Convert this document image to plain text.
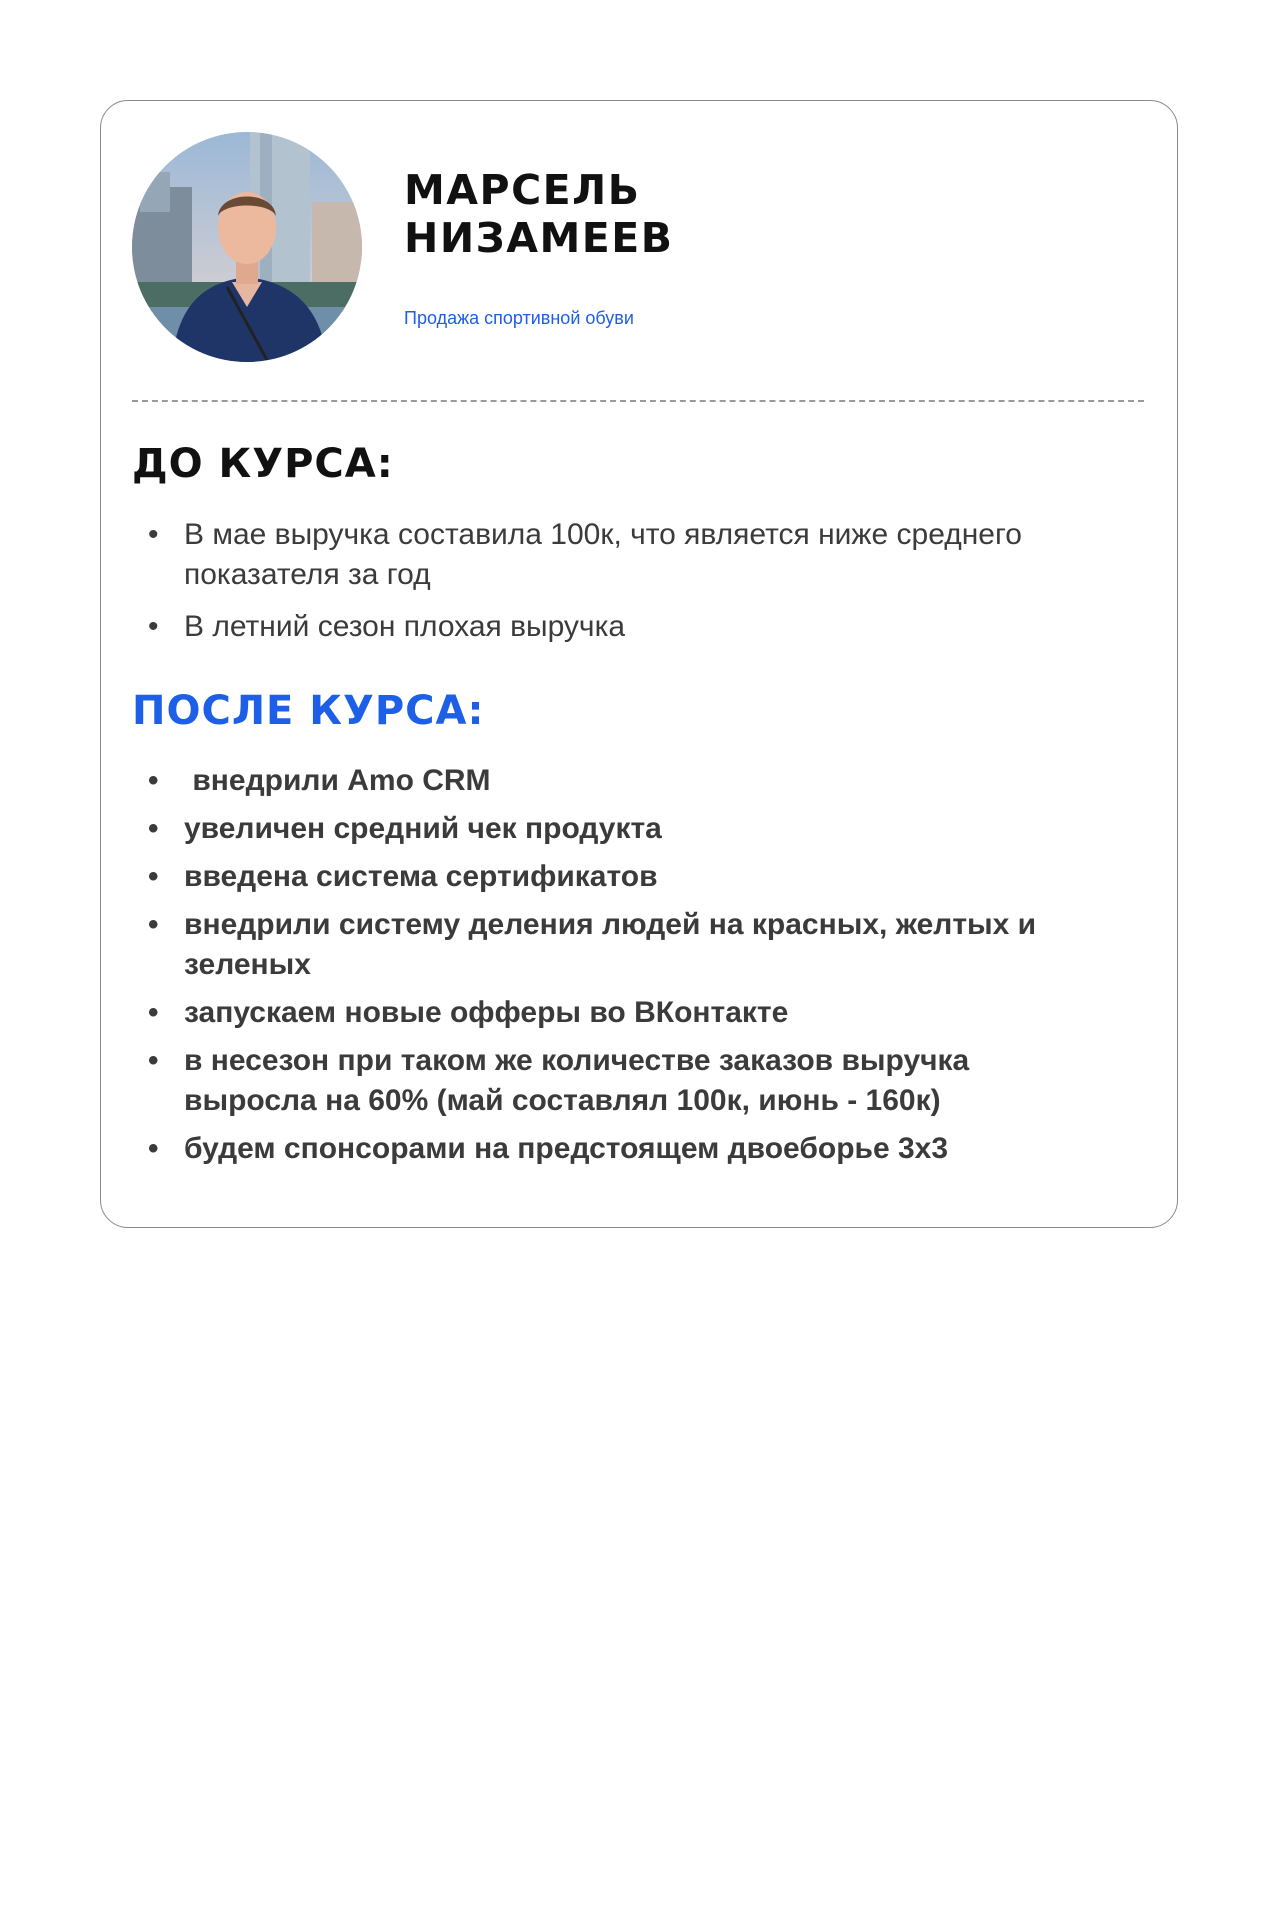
МАРСЕЛЬ
НИЗАМЕЕВ
Продажа спортивной обуви
ДО КУРСА:
• В мае выручка составила 100к, что является ниже среднего показателя за год
• В летний сезон плохая выручка
ПОСЛЕ КУРСА:
• внедрили Amo CRM
• увеличен средний чек продукта
• введена система сертификатов
• внедрили систему деления людей на красных, желтых и зеленых
• запускаем новые офферы во ВКонтакте
• в несезон при таком же количестве заказов выручка выросла на 60% (май составлял 100к, июнь - 160к)
• будем спонсорами на предстоящем двоеборье 3x3
